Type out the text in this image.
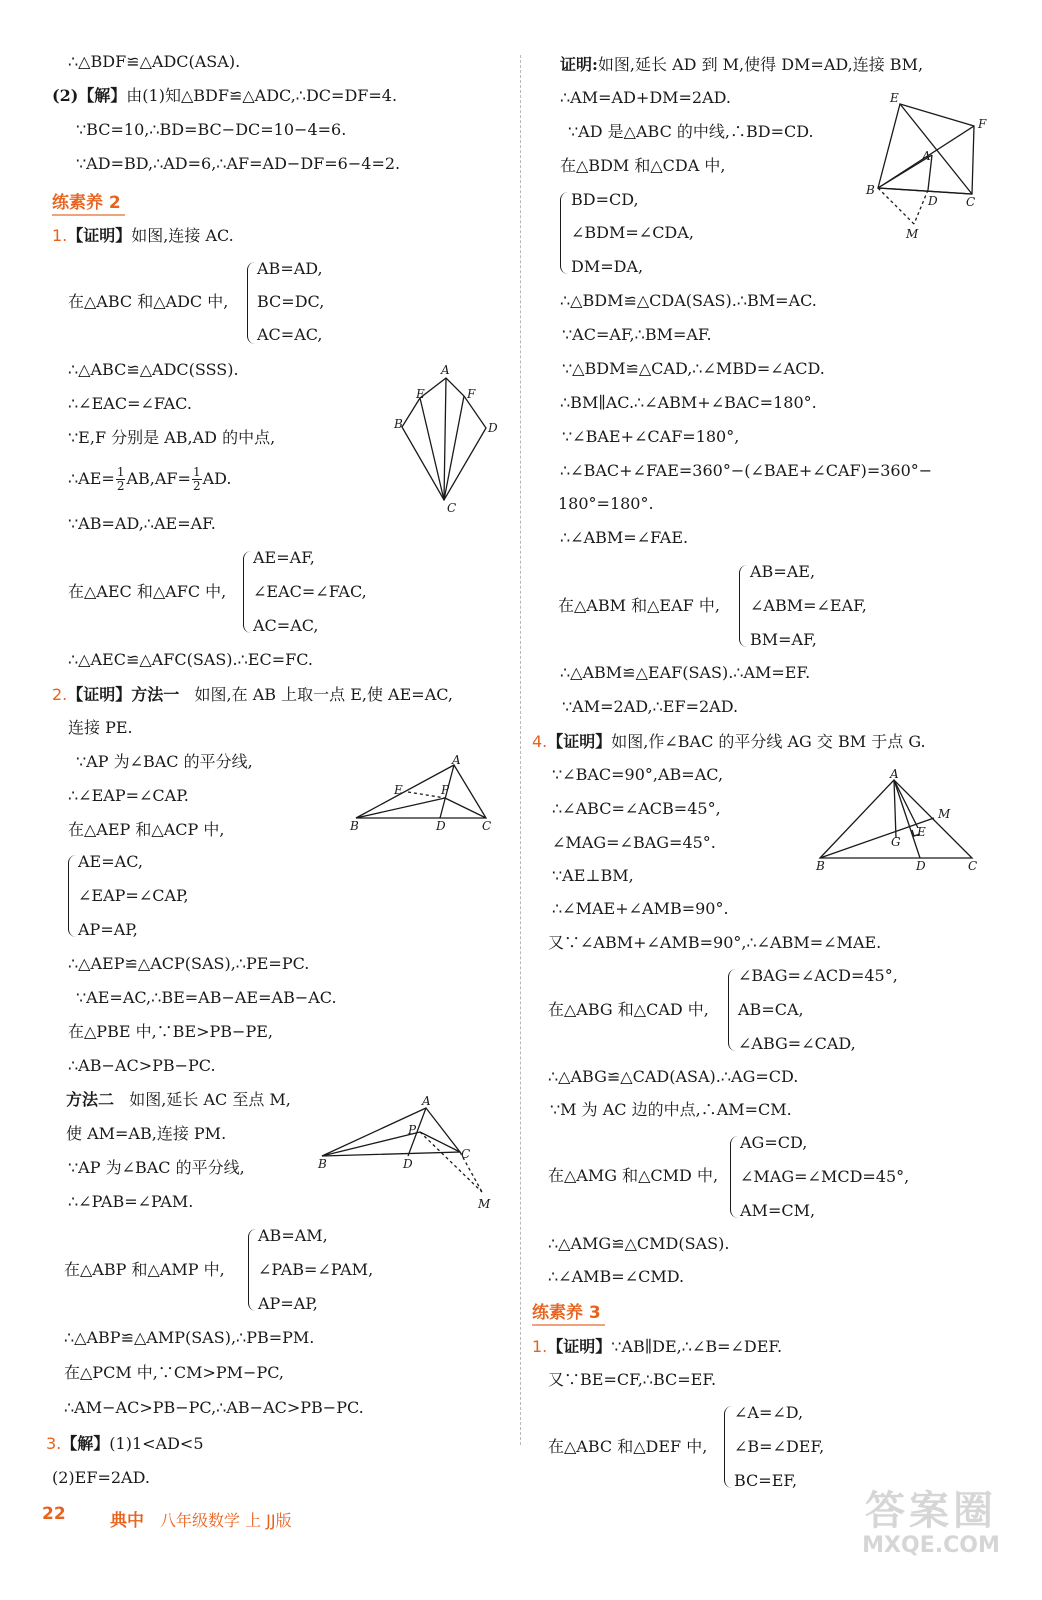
∴△BDF≌△ADC(ASA).
(2)【解】由(1)知△BDF≌△ADC,∴DC=DF=4.
∵BC=10,∴BD=BC−DC=10−4=6.
∵AD=BD,∴AD=6,∴AF=AD−DF=6−4=2.
练素养 2
1.【证明】如图,连接 AC.
在△ABC 和△ADC 中,
AB=AD,
BC=DC,
AC=AC,
∴△ABC≌△ADC(SSS).
∴∠EAC=∠FAC.
∵E,F 分别是 AB,AD 的中点,
∴AE= $\frac{1}{2} AB,AF= \frac{1}{2}$ AD.
∵AB=AD,∴AE=AF.
在△AEC 和△AFC 中,
AE=AF,
∠EAC=∠FAC,
AC=AC,
∴△AEC≌△AFC(SAS).∴EC=FC.
2.【证明】方法一 如图,在 AB 上取一点 E,使 AE=AC,
连接 PE.
∵AP 为∠BAC 的平分线,
∴∠EAP=∠CAP.
在△AEP 和△ACP 中,
AE=AC,
∠EAP=∠CAP,
AP=AP,
∴△AEP≌△ACP(SAS),∴PE=PC.
∵AE=AC,∴BE=AB−AE=AB−AC.
在△PBE 中,∵BE>PB−PE,
∴AB−AC>PB−PC.
方法二 如图,延长 AC 至点 M,
使 AM=AB,连接 PM.
∵AP 为∠BAC 的平分线,
∴∠PAB=∠PAM.
在△ABP 和△AMP 中,
AB=AM,
∠PAB=∠PAM,
AP=AP,
∴△ABP≌△AMP(SAS),∴PB=PM.
在△PCM 中,∵CM>PM−PC,
∴AM−AC>PB−PC,∴AB−AC>PB−PC.
3.【解】(1)1<AD<5
(2)EF=2AD.
A
E	F
B	D
C
A
E	P
B	D	C
A
P
B	D
C
M
证明:如图,延长 AD 到 M,使得 DM=AD,连接 BM,
∴AM=AD+DM=2AD.
∵AD 是△ABC 的中线,∴BD=CD.
在△BDM 和△CDA 中,
BD=CD,
∠BDM=∠CDA,
DM=DA,
∴△BDM≌△CDA(SAS).∴BM=AC.
∵AC=AF,∴BM=AF.
∵△BDM≌△CAD,∴∠MBD=∠ACD.
∴BM∥AC.∴∠ABM+∠BAC=180°.
∵∠BAE+∠CAF=180°,
∴∠BAC+∠FAE=360°−(∠BAE+∠CAF)=360°−
180°=180°.
∴∠ABM=∠FAE.
在△ABM 和△EAF 中,
AB=AE,
∠ABM=∠EAF,
BM=AF,
∴△ABM≌△EAF(SAS).∴AM=EF.
∵AM=2AD,∴EF=2AD.
4.【证明】如图,作∠BAC 的平分线 AG 交 BM 于点 G.
∵∠BAC=90°,AB=AC,
∴∠ABC=∠ACB=45°,
∠MAG=∠BAG=45°.
∵AE⊥BM,
∴∠MAE+∠AMB=90°.
又∵∠ABM+∠AMB=90°,∴∠ABM=∠MAE.
在△ABG 和△CAD 中,
∠BAG=∠ACD=45°,
AB=CA,
∠ABG=∠CAD,
∴△ABG≌△CAD(ASA).∴AG=CD.
∵M 为 AC 边的中点,∴AM=CM.
在△AMG 和△CMD 中,
AG=CD,
∠MAG=∠MCD=45°,
AM=CM,
∴△AMG≌△CMD(SAS).
∴∠AMB=∠CMD.
练素养 3
1.【证明】∵AB∥DE,∴∠B=∠DEF.
又∵BE=CF,∴BC=EF.
在△ABC 和△DEF 中,
∠A=∠D,
∠B=∠DEF,
BC=EF,
E
F
A
B
D C
M
A
M
E
G
B	D	C
22	典中 八年级数学 上 JJ版	答案圈
MXQE.COM
